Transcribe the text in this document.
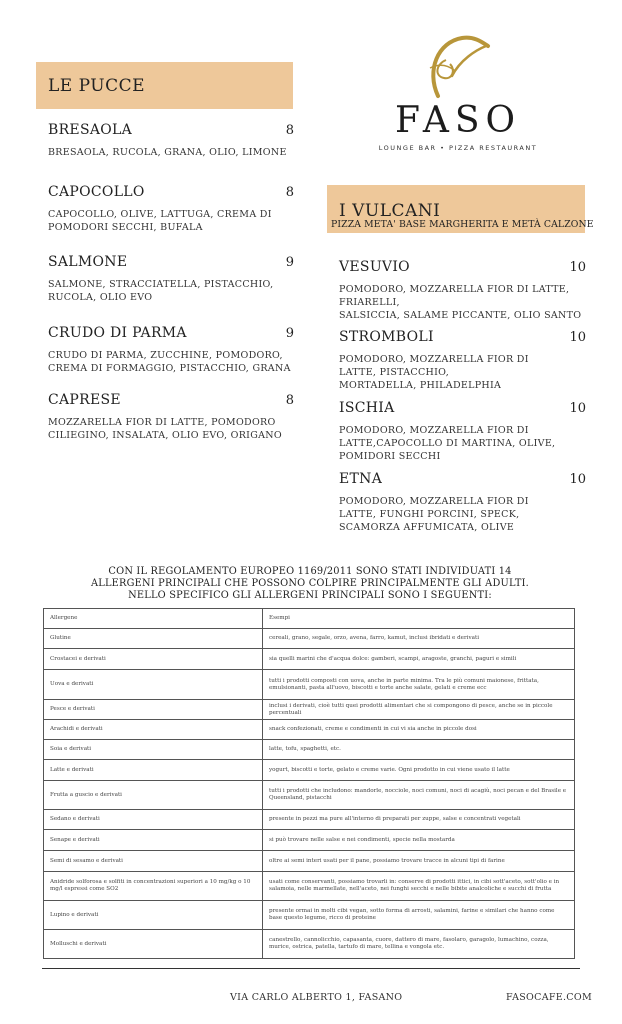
LE PUCCE
BRESAOLA	8
BRESAOLA, RUCOLA, GRANA, OLIO, LIMONE
CAPOCOLLO	8
CAPOCOLLO, OLIVE, LATTUGA, CREMA DI
POMODORI SECCHI, BUFALA
SALMONE	9
SALMONE, STRACCIATELLA, PISTACCHIO,
RUCOLA, OLIO EVO
CRUDO DI PARMA	9
CRUDO DI PARMA, ZUCCHINE, POMODORO,
CREMA DI FORMAGGIO, PISTACCHIO, GRANA
CAPRESE	8
MOZZARELLA FIOR DI LATTE, POMODORO
CILIEGINO, INSALATA, OLIO EVO, ORIGANO
FASO
LOUNGE BAR • PIZZA RESTAURANT
I VULCANI
PIZZA META' BASE MARGHERITA E METÀ CALZONE
VESUVIO	10
POMODORO, MOZZARELLA FIOR DI LATTE,
FRIARELLI,
SALSICCIA, SALAME PICCANTE, OLIO SANTO
STROMBOLI	10
POMODORO, MOZZARELLA FIOR DI
LATTE, PISTACCHIO,
MORTADELLA, PHILADELPHIA
ISCHIA	10
POMODORO, MOZZARELLA FIOR DI
LATTE,CAPOCOLLO DI MARTINA, OLIVE,
POMIDORI SECCHI
ETNA	10
POMODORO, MOZZARELLA FIOR DI
LATTE, FUNGHI PORCINI, SPECK,
SCAMORZA AFFUMICATA, OLIVE
CON IL REGOLAMENTO EUROPEO 1169/2011 SONO STATI INDIVIDUATI 14
ALLERGENI PRINCIPALI CHE POSSONO COLPIRE PRINCIPALMENTE GLI ADULTI.
NELLO SPECIFICO GLI ALLERGENI PRINCIPALI SONO I SEGUENTI:
Allergene	Esempi
Glutine	cereali, grano, segale, orzo, avena, farro, kamut, inclusi ibridati e derivati
Crostacei e derivati	sia quelli marini che d'acqua dolce: gamberi, scampi, aragoste, granchi, paguri e simili
Uova e derivati	tutti i prodotti composti con uova, anche in parte minima. Tra le più comuni maionese, frittata, emulsionanti, pasta all'uovo, biscotti e torte anche salate, gelati e creme ecc
Pesce e derivati	inclusi i derivati, cioè tutti quei prodotti alimentari che si compongono di pesce, anche se in piccole percentuali
Arachidi e derivati	snack confezionati, creme e condimenti in cui vi sia anche in piccole dosi
Soia e derivati	latte, tofu, spaghetti, etc.
Latte e derivati	yogurt, biscotti e torte, gelato e creme varie. Ogni prodotto in cui viene usato il latte
Frutta a guscio e derivati	tutti i prodotti che includono: mandorle, nocciole, noci comuni, noci di acagiù, noci pecan e del Brasile e Queensland, pistacchi
Sedano e derivati	presente in pezzi ma pure all'interno di preparati per zuppe, salse e concentrati vegetali
Senape e derivati	si può trovare nelle salse e nei condimenti, specie nella mostarda
Semi di sesamo e derivati	oltre ai semi interi usati per il pane, possiamo trovare tracce in alcuni tipi di farine
Anidride solforosa e solfiti in concentrazioni superiori a 10 mg/kg o 10 mg/l espressi come SO2	usati come conservanti, possiamo trovarli in: conserve di prodotti ittici, in cibi sott'aceto, sott'olio e in salamoia, nelle marmellate, nell'aceto, nei funghi secchi e nelle bibite analcoliche e succhi di frutta
Lupino e derivati	presente ormai in molti cibi vegan, sotto forma di arrosti, salamini, farine e similari che hanno come base questo legume, ricco di proteine
Molluschi e derivati	canestrello, cannolicchio, capasanta, cuore, dattero di mare, fasolaro, garagolo, lumachino, cozza, murice, ostrica, patella, tartufo di mare, tellina e vongola etc.
VIA CARLO ALBERTO 1, FASANO	FASOCAFE.COM
